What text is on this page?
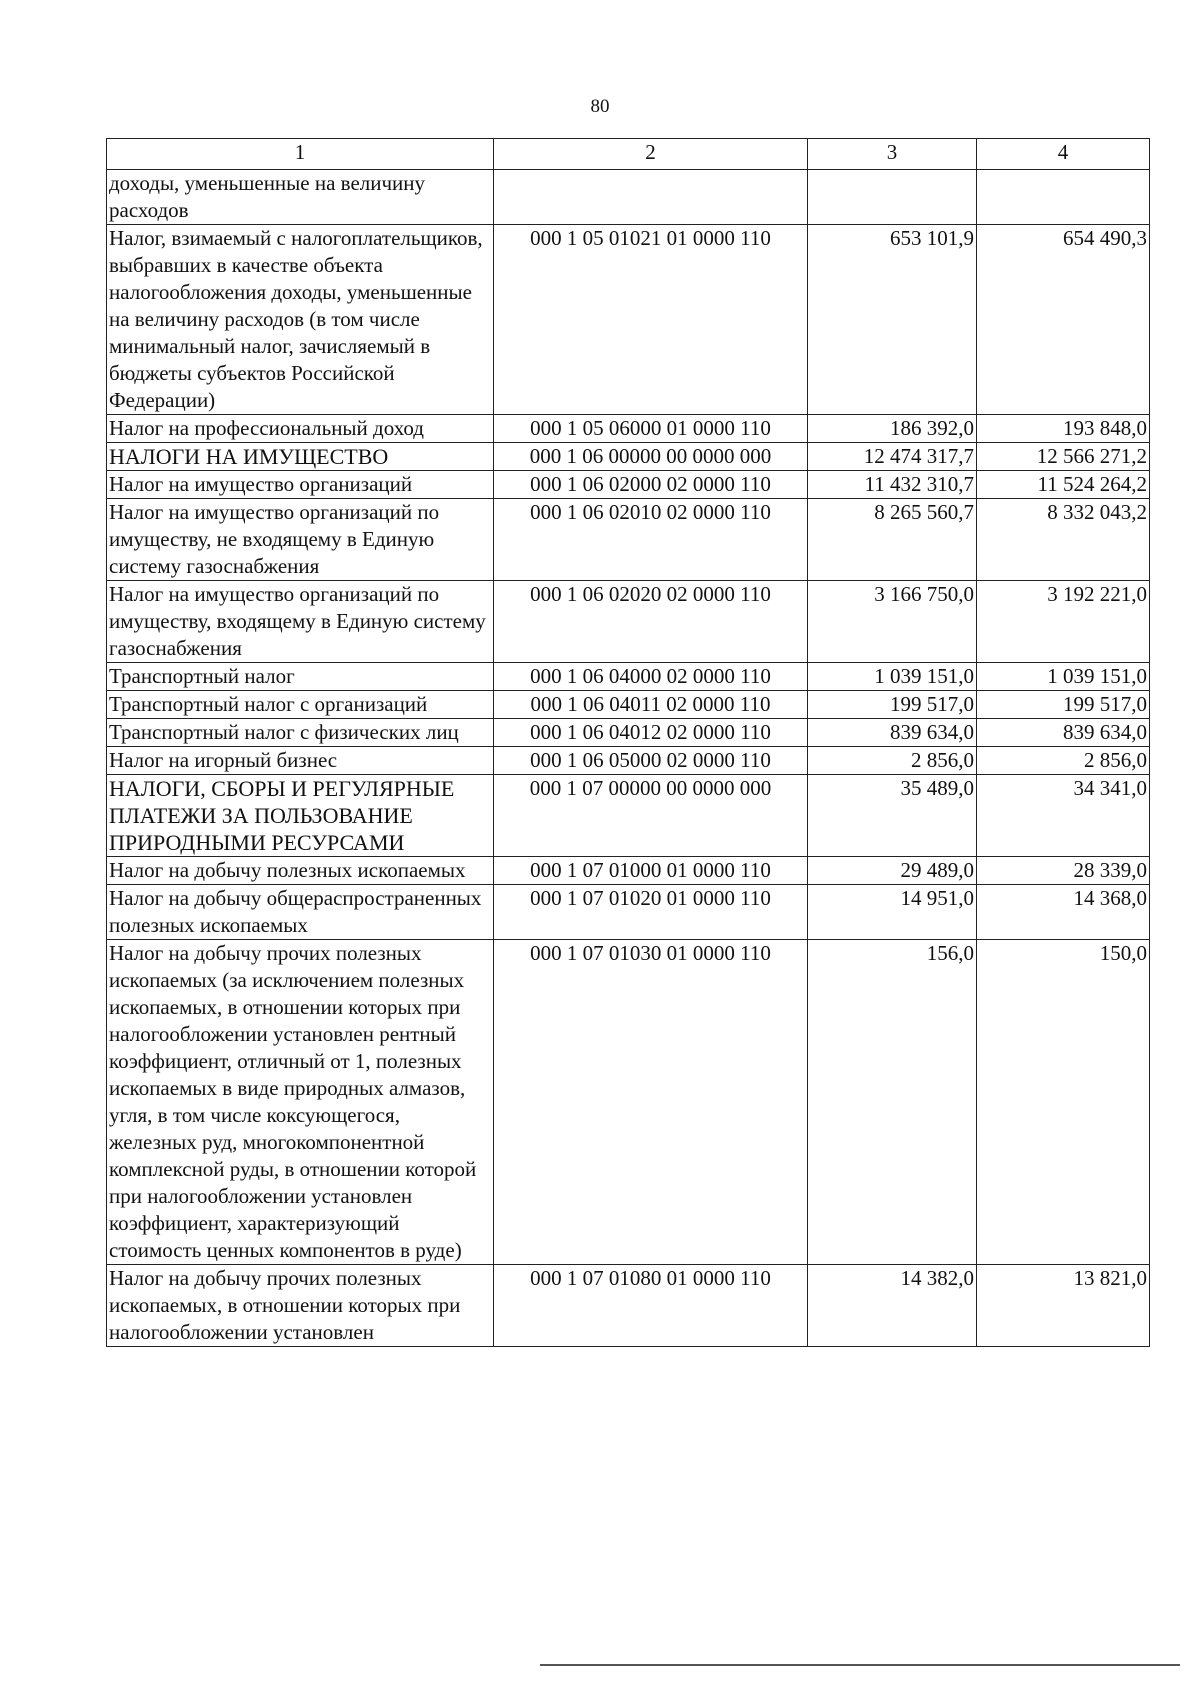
80
1	2	3	4
доходы, уменьшенные на величину расходов			
Налог, взимаемый с налогоплательщиков, выбравших в качестве объекта налогообложения доходы, уменьшенные на величину расходов (в том числе минимальный налог, зачисляемый в бюджеты субъектов Российской Федерации)	000 1 05 01021 01 0000 110	653 101,9	654 490,3
Налог на профессиональный доход	000 1 05 06000 01 0000 110	186 392,0	193 848,0
НАЛОГИ НА ИМУЩЕСТВО	000 1 06 00000 00 0000 000	12 474 317,7	12 566 271,2
Налог на имущество организаций	000 1 06 02000 02 0000 110	11 432 310,7	11 524 264,2
Налог на имущество организаций по имуществу, не входящему в Единую систему газоснабжения	000 1 06 02010 02 0000 110	8 265 560,7	8 332 043,2
Налог на имущество организаций по имуществу, входящему в Единую систему газоснабжения	000 1 06 02020 02 0000 110	3 166 750,0	3 192 221,0
Транспортный налог	000 1 06 04000 02 0000 110	1 039 151,0	1 039 151,0
Транспортный налог с организаций	000 1 06 04011 02 0000 110	199 517,0	199 517,0
Транспортный налог с физических лиц	000 1 06 04012 02 0000 110	839 634,0	839 634,0
Налог на игорный бизнес	000 1 06 05000 02 0000 110	2 856,0	2 856,0
НАЛОГИ, СБОРЫ И РЕГУЛЯРНЫЕ ПЛАТЕЖИ ЗА ПОЛЬЗОВАНИЕ ПРИРОДНЫМИ РЕСУРСАМИ	000 1 07 00000 00 0000 000	35 489,0	34 341,0
Налог на добычу полезных ископаемых	000 1 07 01000 01 0000 110	29 489,0	28 339,0
Налог на добычу общераспространенных полезных ископаемых	000 1 07 01020 01 0000 110	14 951,0	14 368,0
Налог на добычу прочих полезных ископаемых (за исключением полезных ископаемых, в отношении которых при налогообложении установлен рентный коэффициент, отличный от 1, полезных ископаемых в виде природных алмазов, угля, в том числе коксующегося, железных руд, многокомпонентной комплексной руды, в отношении которой при налогообложении установлен коэффициент, характеризующий стоимость ценных компонентов в руде)	000 1 07 01030 01 0000 110	156,0	150,0
Налог на добычу прочих полезных ископаемых, в отношении которых при налогообложении установлен	000 1 07 01080 01 0000 110	14 382,0	13 821,0
